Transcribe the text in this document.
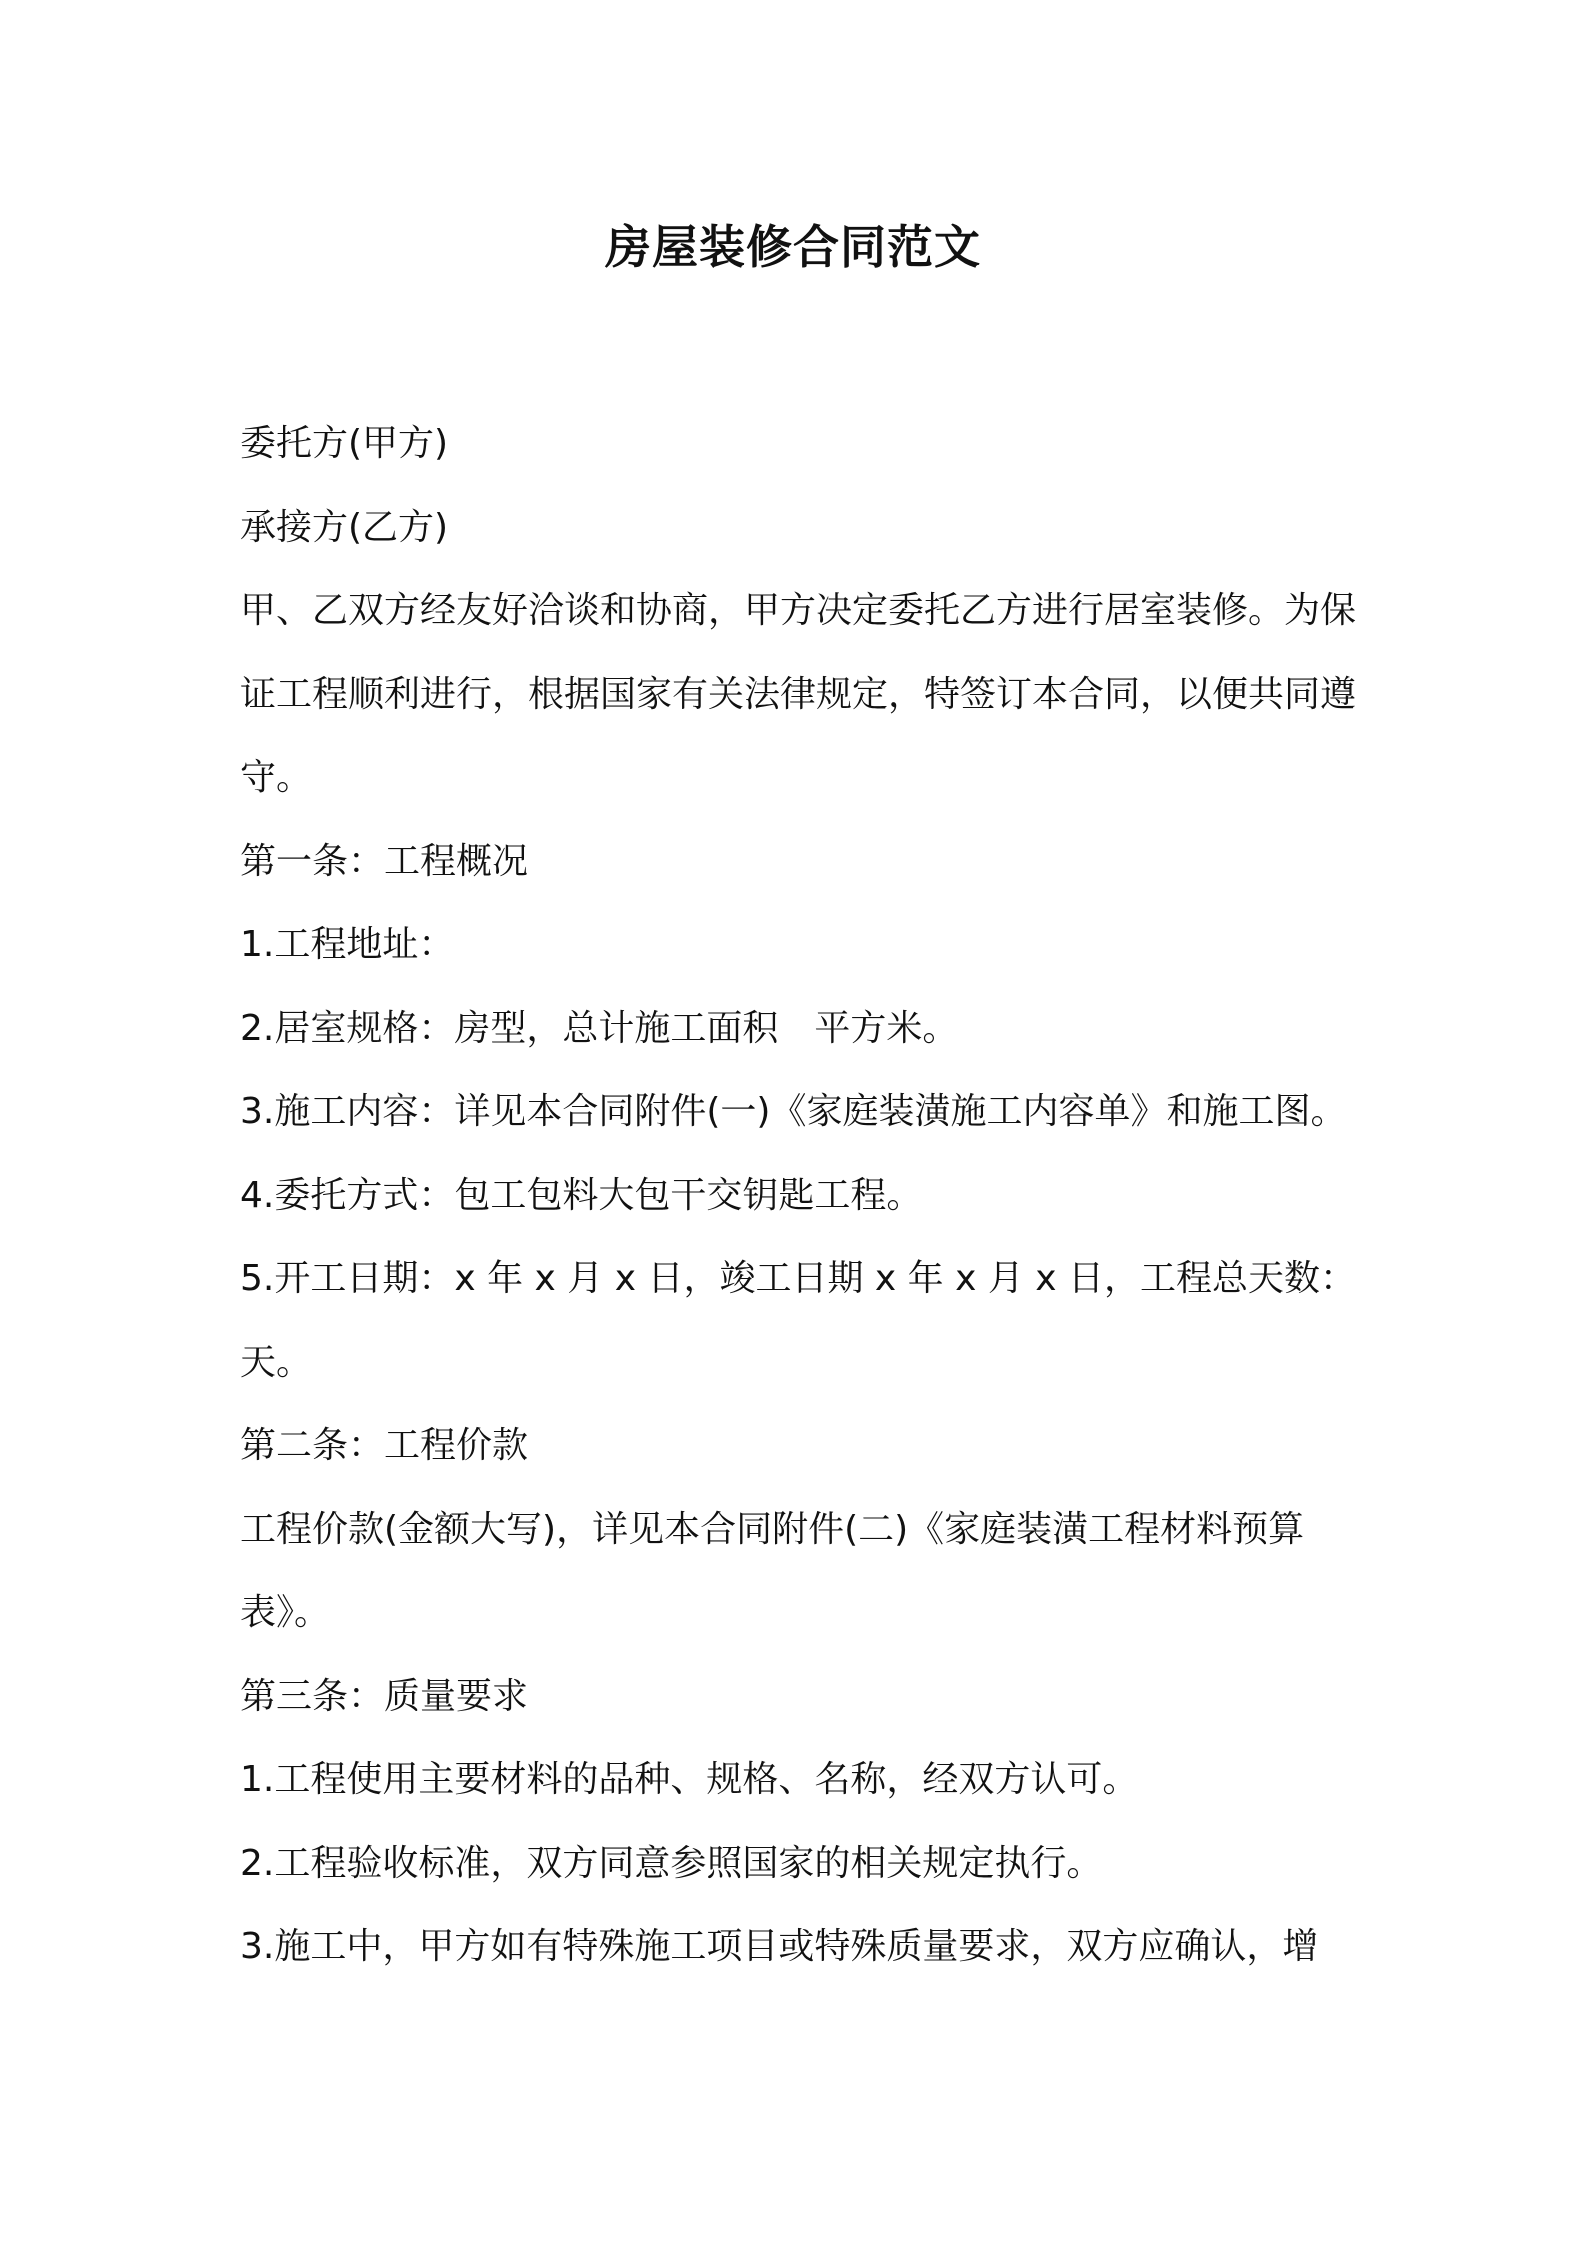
房屋装修合同范文

委托方(甲方)

承接方(乙方)

甲、乙双方经友好洽谈和协商，甲方决定委托乙方进行居室装修。为保证工程顺利进行，根据国家有关法律规定，特签订本合同，以便共同遵守。

第一条：工程概况

1.工程地址：

2.居室规格：房型，总计施工面积　平方米。

3.施工内容：详见本合同附件(一)《家庭装潢施工内容单》和施工图。

4.委托方式：包工包料大包干交钥匙工程。

5.开工日期：x 年 x 月 x 日，竣工日期 x 年 x 月 x 日，工程总天数：天。

第二条：工程价款

工程价款(金额大写)，详见本合同附件(二)《家庭装潢工程材料预算表》。

第三条：质量要求

1.工程使用主要材料的品种、规格、名称，经双方认可。

2.工程验收标准，双方同意参照国家的相关规定执行。

3.施工中，甲方如有特殊施工项目或特殊质量要求，双方应确认，增
